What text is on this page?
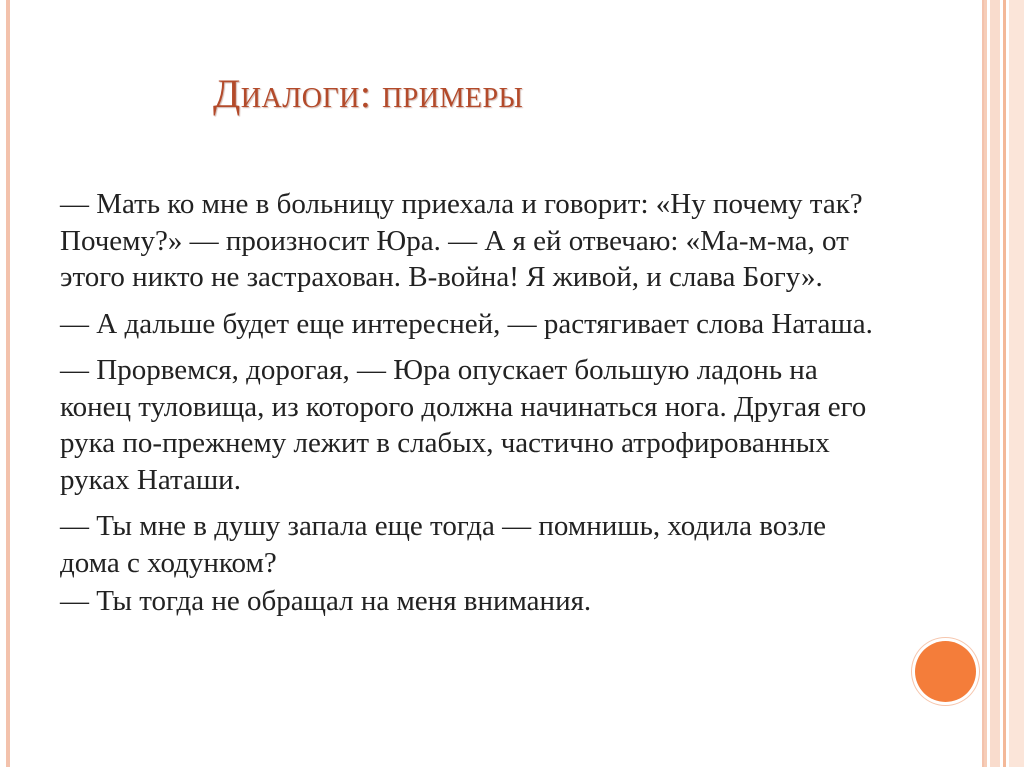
Диалоги: примеры

— Мать ко мне в больницу приехала и говорит: «Ну почему так? Почему?» — произносит Юра. — А я ей отвечаю: «Ма-м-ма, от этого никто не застрахован. В-война! Я живой, и слава Богу».

— А дальше будет еще интересней, — растягивает слова Наташа.

— Прорвемся, дорогая, — Юра опускает большую ладонь на конец туловища, из которого должна начинаться нога. Другая его рука по-прежнему лежит в слабых, частично атрофированных руках Наташи.

— Ты мне в душу запала еще тогда — помнишь, ходила возле дома с ходунком?

— Ты тогда не обращал на меня внимания.
